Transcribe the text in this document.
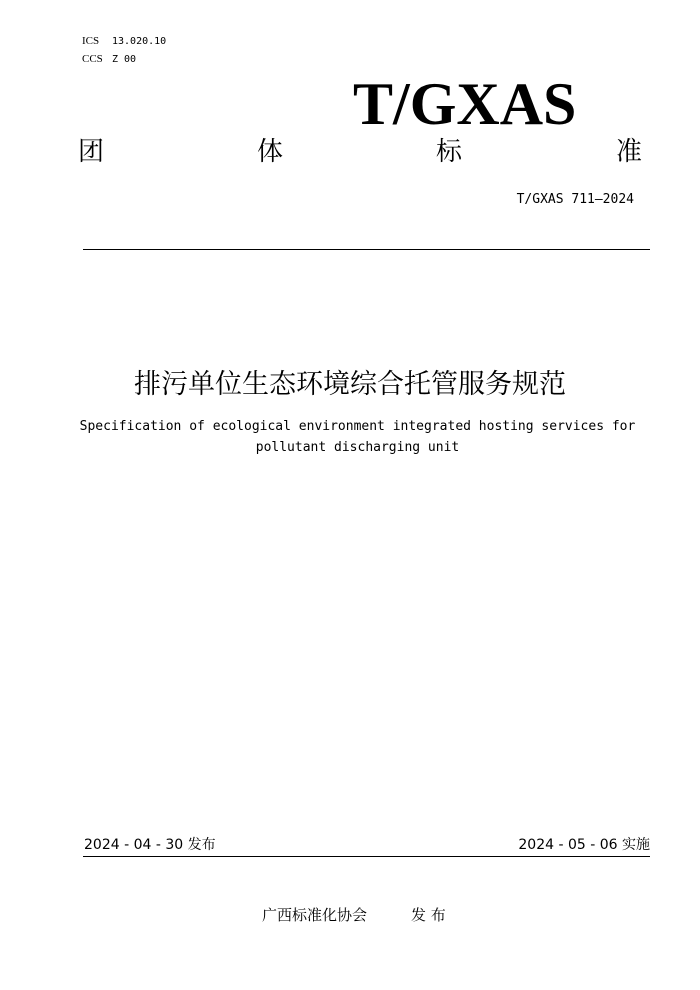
ICS 13.020.10
CCS Z 00
T/GXAS
团	体	标	准
T/GXAS 711—2024
排污单位生态环境综合托管服务规范
Specification of ecological environment integrated hosting services for
pollutant discharging unit
2024 - 04 - 30 发布	2024 - 05 - 06 实施
广西标准化协会	发 布
